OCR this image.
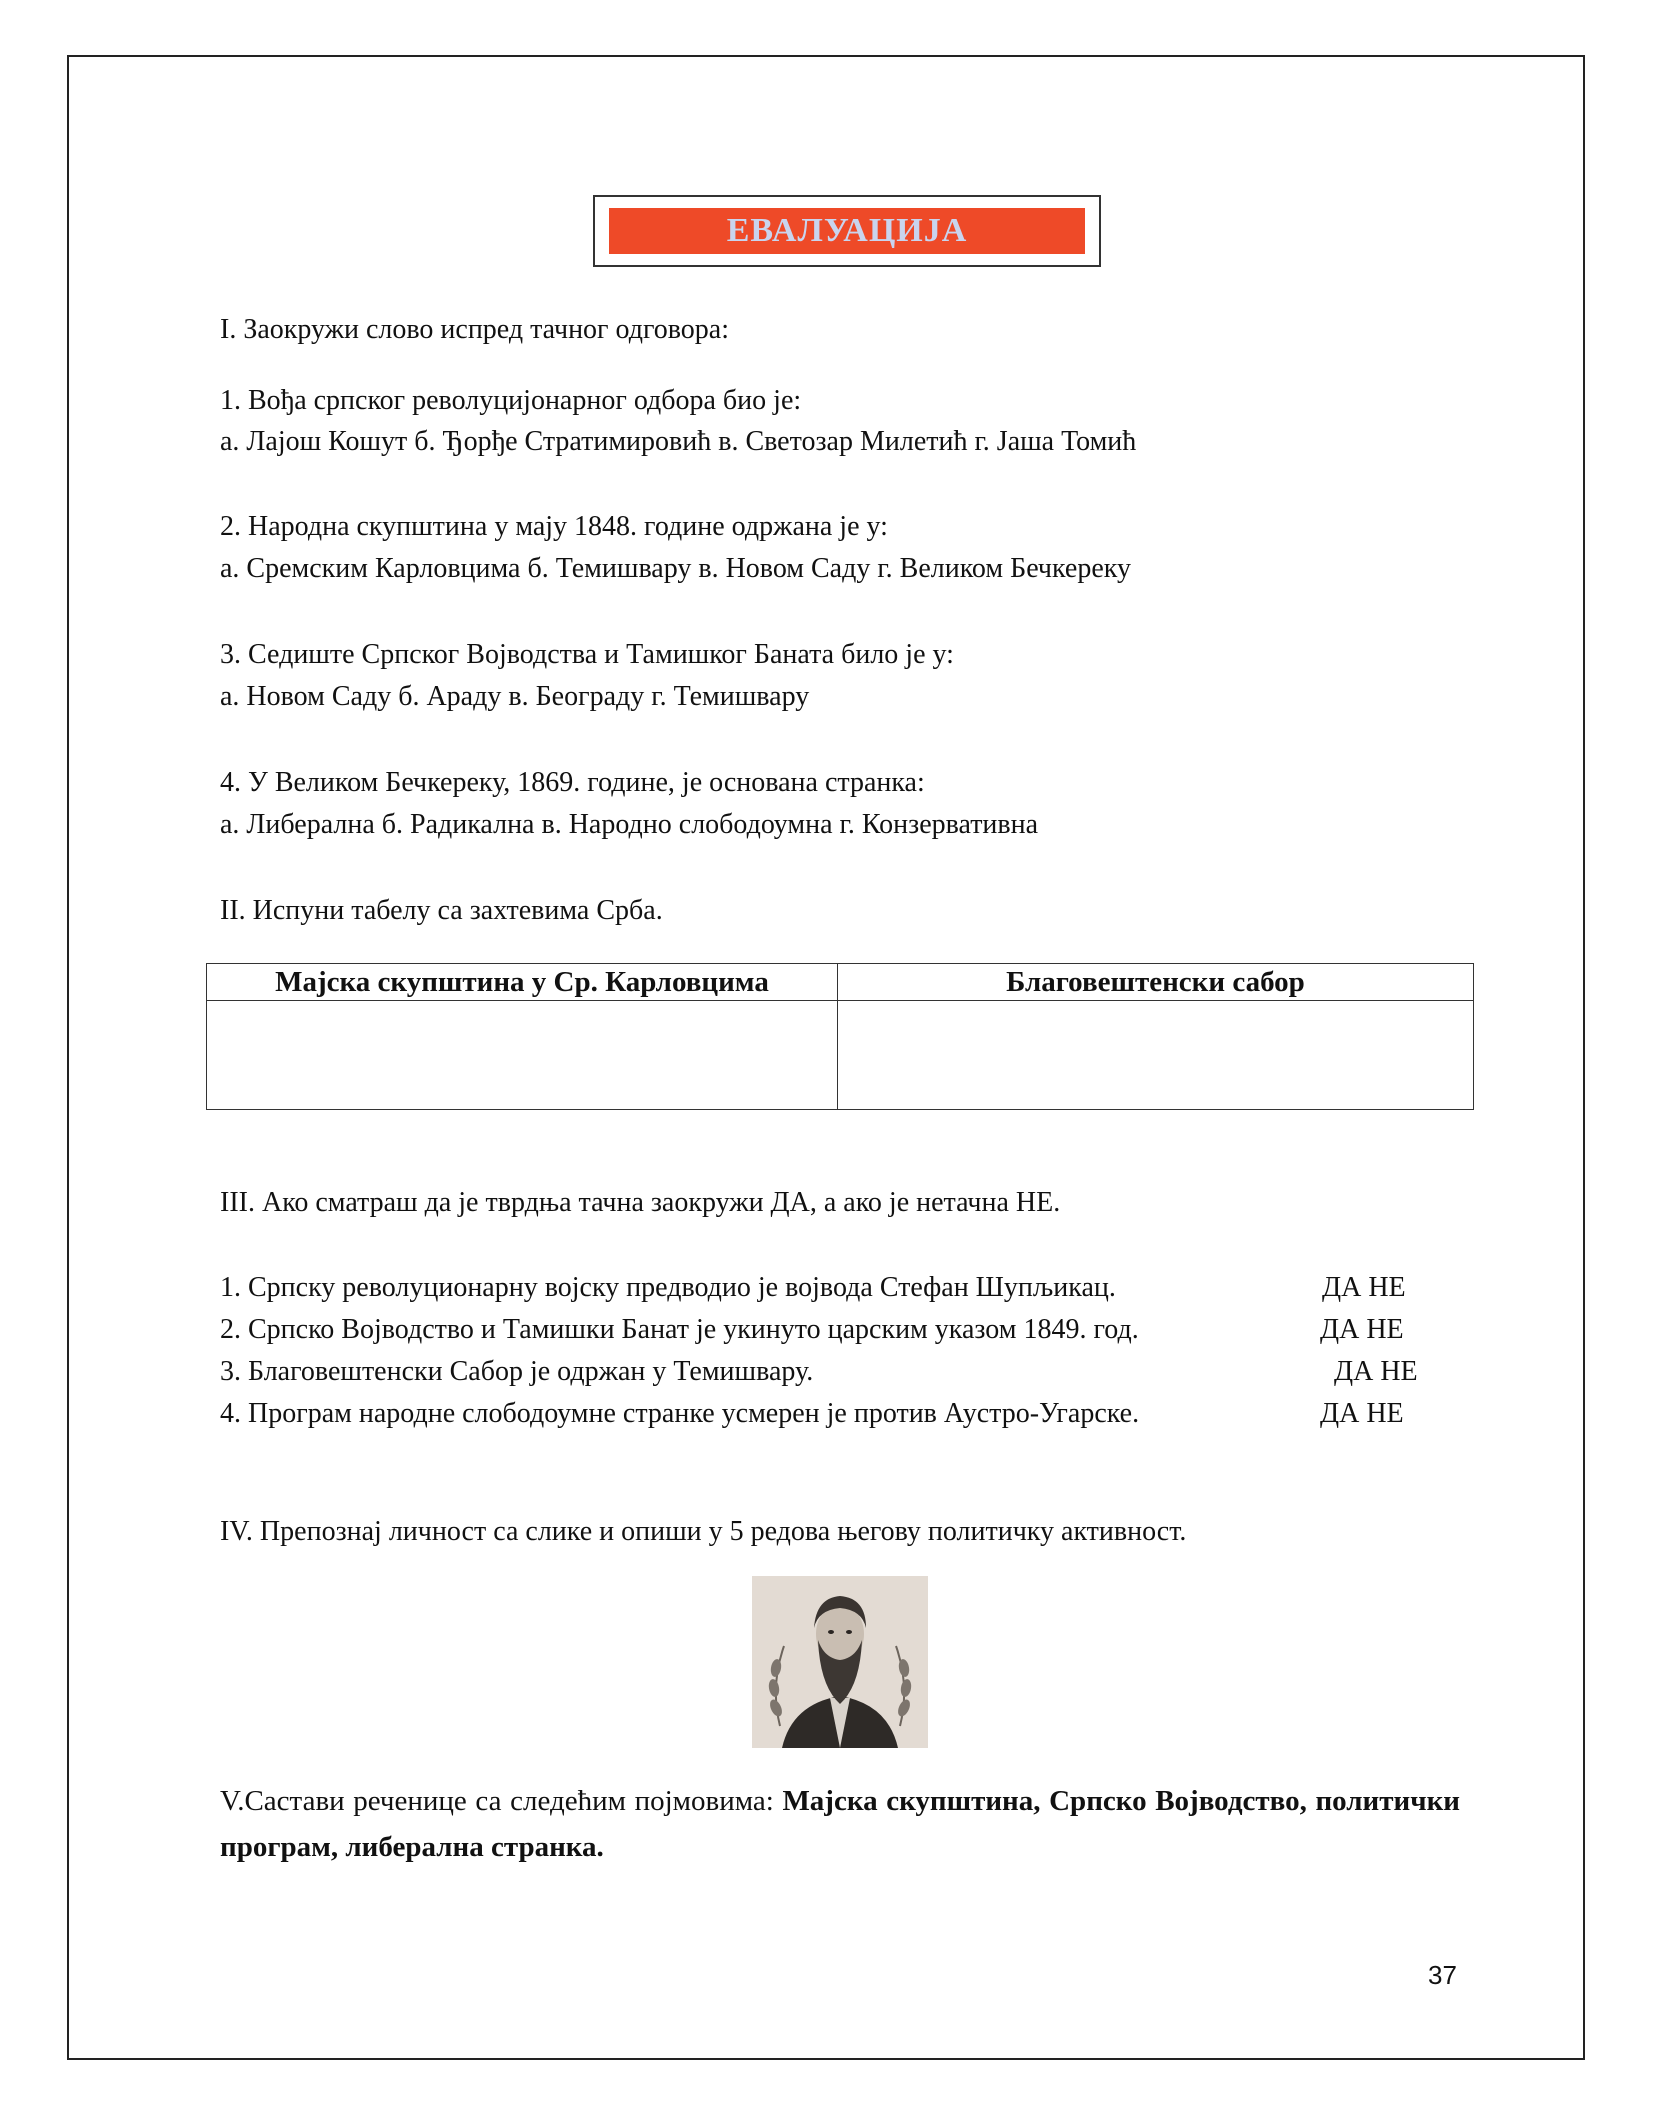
ЕВАЛУАЦИЈА
I. Заокружи слово испред тачног одговора:
1. Вођа српског револуцијонарног одбора био је:
а. Лајош Кошут б. Ђорђе Стратимировић в. Светозар Милетић г. Јаша Томић
2. Народна скупштина у мају 1848. године одржана је у:
а. Сремским Карловцима б. Темишвару в. Новом Саду г. Великом Бечкереку
3. Седиште Српског Војводства и Тамишког Баната било је у:
а. Новом Саду б. Араду в. Београду г. Темишвару
4. У Великом Бечкереку, 1869. године, је основана странка:
а. Либерална б. Радикална в. Народно слободоумна г. Конзервативна
II. Испуни табелу са захтевима Срба.
Мајска скупштина у Ср. Карловцима	Благовештенски сабор

III. Ако сматраш да је тврдња тачна заокружи ДА, а ако је нетачна НЕ.
1. Српску револуционарну војску предводио је војвода Стефан Шупљикац.	ДА НЕ
2. Српско Војводство и Тамишки Банат је укинуто царским указом 1849. год.	ДА НЕ
3. Благовештенски Сабор је одржан у Темишвару.	ДА НЕ
4. Програм народне слободоумне странке усмерен је против Аустро-Угарске.	ДА НЕ
IV. Препознај личност са слике и опиши у 5 редова његову политичку активност.
V.Састави реченице са следећим појмовима: Мајска скупштина, Српско Војводство, политички програм, либерална странка.
37
